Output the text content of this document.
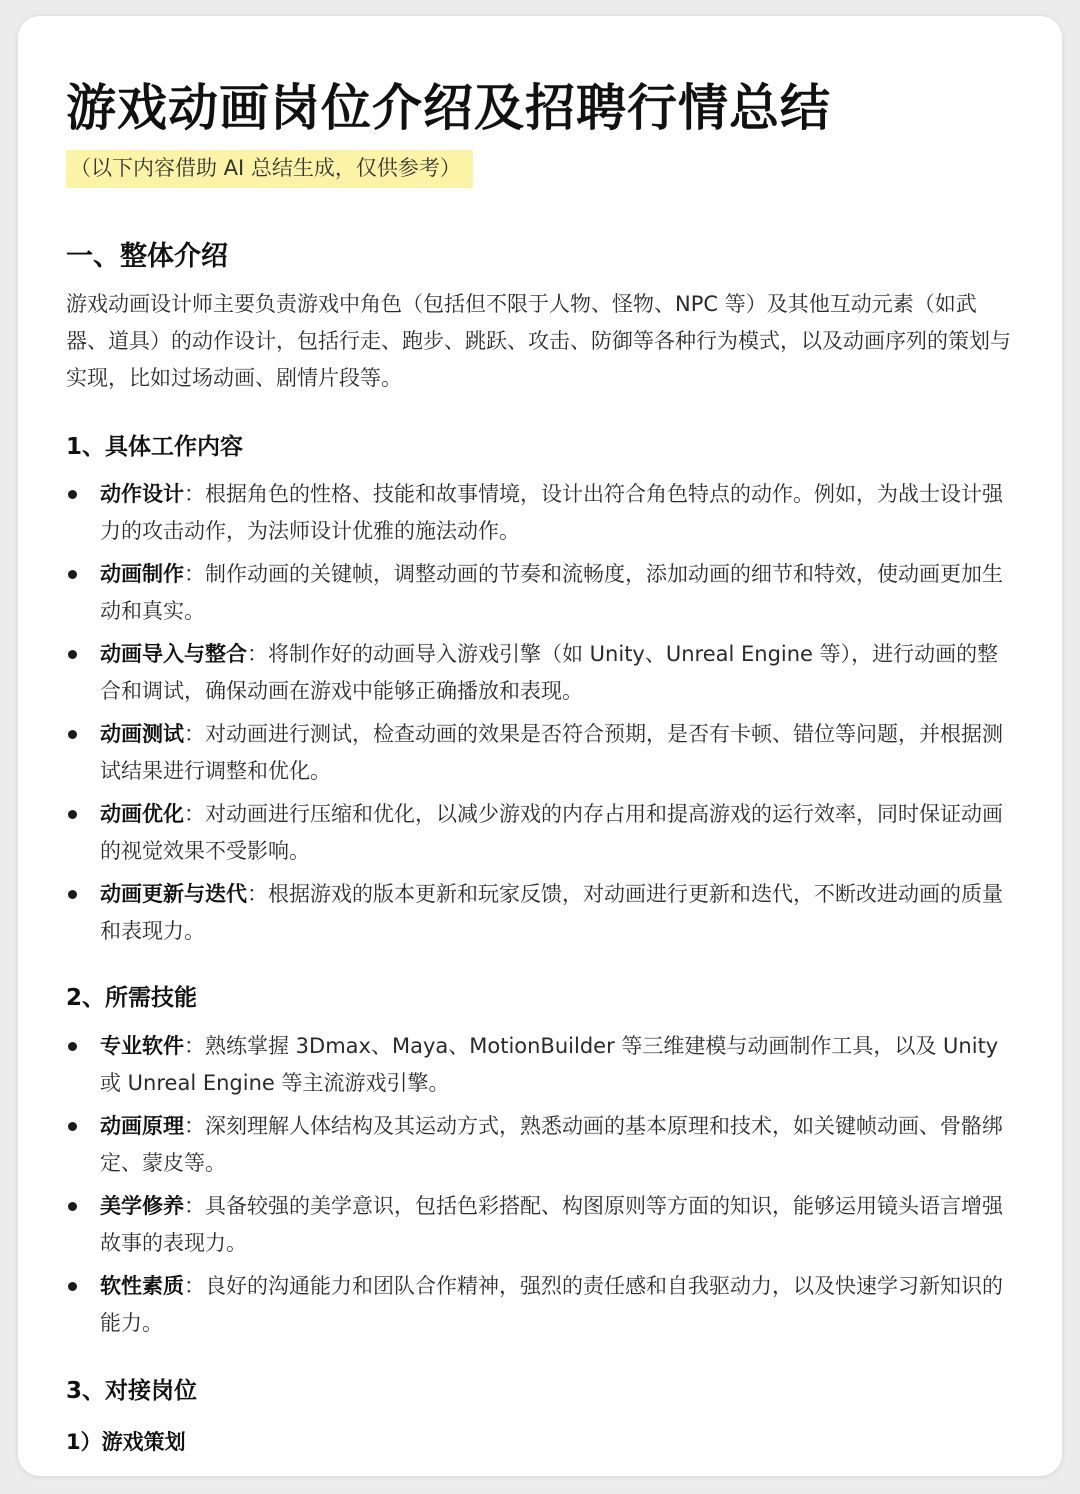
游戏动画岗位介绍及招聘行情总结
（以下内容借助 AI 总结生成，仅供参考）
一、整体介绍

游戏动画设计师主要负责游戏中角色（包括但不限于人物、怪物、NPC 等）及其他互动元素（如武器、道具）的动作设计，包括行走、跑步、跳跃、攻击、防御等各种行为模式，以及动画序列的策划与实现，比如过场动画、剧情片段等。

1、具体工作内容
动作设计：根据角色的性格、技能和故事情境，设计出符合角色特点的动作。例如，为战士设计强力的攻击动作，为法师设计优雅的施法动作。
动画制作：制作动画的关键帧，调整动画的节奏和流畅度，添加动画的细节和特效，使动画更加生动和真实。
动画导入与整合：将制作好的动画导入游戏引擎（如 Unity、Unreal Engine 等），进行动画的整合和调试，确保动画在游戏中能够正确播放和表现。
动画测试：对动画进行测试，检查动画的效果是否符合预期，是否有卡顿、错位等问题，并根据测试结果进行调整和优化。
动画优化：对动画进行压缩和优化，以减少游戏的内存占用和提高游戏的运行效率，同时保证动画的视觉效果不受影响。
动画更新与迭代：根据游戏的版本更新和玩家反馈，对动画进行更新和迭代，不断改进动画的质量和表现力。
2、所需技能
专业软件：熟练掌握 3Dmax、Maya、MotionBuilder 等三维建模与动画制作工具，以及 Unity 或 Unreal Engine 等主流游戏引擎。
动画原理：深刻理解人体结构及其运动方式，熟悉动画的基本原理和技术，如关键帧动画、骨骼绑定、蒙皮等。
美学修养：具备较强的美学意识，包括色彩搭配、构图原则等方面的知识，能够运用镜头语言增强故事的表现力。
软性素质：良好的沟通能力和团队合作精神，强烈的责任感和自我驱动力，以及快速学习新知识的能力。
3、对接岗位
1）游戏策划
